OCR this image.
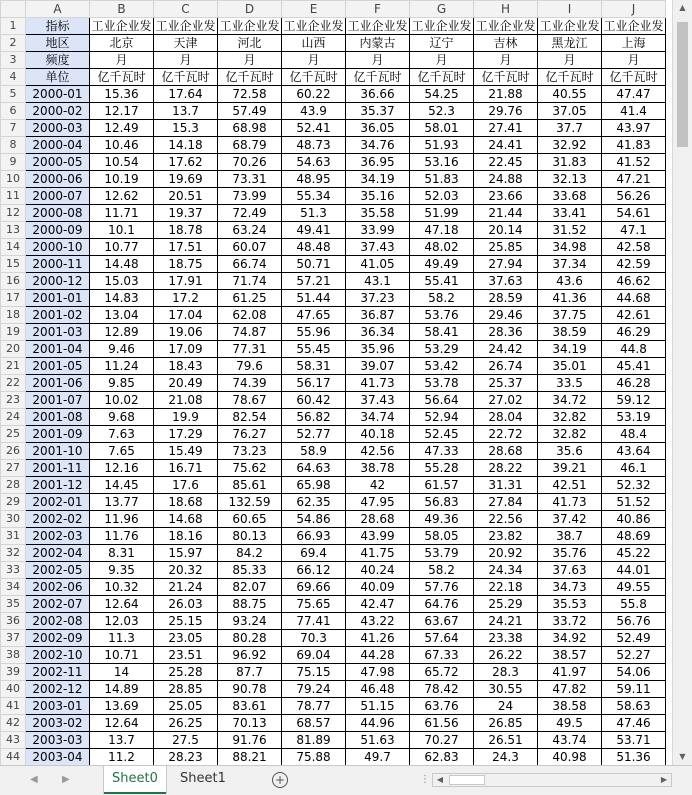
	A	B	C	D	E	F	G	H	I	J
1	指标	工业企业发	工业企业发	工业企业发	工业企业发	工业企业发	工业企业发	工业企业发	工业企业发	工业企业发
2	地区	北京	天津	河北	山西	内蒙古	辽宁	吉林	黑龙江	上海
3	频度	月	月	月	月	月	月	月	月	月
4	单位	亿千瓦时	亿千瓦时	亿千瓦时	亿千瓦时	亿千瓦时	亿千瓦时	亿千瓦时	亿千瓦时	亿千瓦时
5	2000-01	15.36	17.64	72.58	60.22	36.66	54.25	21.88	40.55	47.47
6	2000-02	12.17	13.7	57.49	43.9	35.37	52.3	29.76	37.05	41.4
7	2000-03	12.49	15.3	68.98	52.41	36.05	58.01	27.41	37.7	43.97
8	2000-04	10.46	14.18	68.79	48.73	34.76	51.93	24.41	32.92	41.83
9	2000-05	10.54	17.62	70.26	54.63	36.95	53.16	22.45	31.83	41.52
10	2000-06	10.19	19.69	73.31	48.95	34.19	51.83	24.88	32.13	47.21
11	2000-07	12.62	20.51	73.99	55.34	35.16	52.03	23.66	33.68	56.26
12	2000-08	11.71	19.37	72.49	51.3	35.58	51.99	21.44	33.41	54.61
13	2000-09	10.1	18.78	63.24	49.41	33.99	47.18	20.14	31.52	47.1
14	2000-10	10.77	17.51	60.07	48.48	37.43	48.02	25.85	34.98	42.58
15	2000-11	14.48	18.75	66.74	50.71	41.05	49.49	27.94	37.34	42.59
16	2000-12	15.03	17.91	71.74	57.21	43.1	55.41	37.63	43.6	46.62
17	2001-01	14.83	17.2	61.25	51.44	37.23	58.2	28.59	41.36	44.68
18	2001-02	13.04	17.04	62.08	47.65	36.87	53.76	29.46	37.75	42.61
19	2001-03	12.89	19.06	74.87	55.96	36.34	58.41	28.36	38.59	46.29
20	2001-04	9.46	17.09	77.31	55.45	35.96	53.29	24.42	34.19	44.8
21	2001-05	11.24	18.43	79.6	58.31	39.07	53.42	26.74	35.01	45.41
22	2001-06	9.85	20.49	74.39	56.17	41.73	53.78	25.37	33.5	46.28
23	2001-07	10.02	21.08	78.67	60.42	37.43	56.64	27.02	34.72	59.12
24	2001-08	9.68	19.9	82.54	56.82	34.74	52.94	28.04	32.82	53.19
25	2001-09	7.63	17.29	76.27	52.77	40.18	52.45	22.72	32.82	48.4
26	2001-10	7.65	15.49	73.23	58.9	42.56	47.33	28.68	35.6	43.64
27	2001-11	12.16	16.71	75.62	64.63	38.78	55.28	28.22	39.21	46.1
28	2001-12	14.45	17.6	85.61	65.98	42	61.57	31.31	42.51	52.32
29	2002-01	13.77	18.68	132.59	62.35	47.95	56.83	27.84	41.73	51.52
30	2002-02	11.96	14.68	60.65	54.86	28.68	49.36	22.56	37.42	40.86
31	2002-03	11.76	18.16	80.13	66.93	43.99	58.05	23.82	38.7	48.69
32	2002-04	8.31	15.97	84.2	69.4	41.75	53.79	20.92	35.76	45.22
33	2002-05	9.35	20.32	85.33	66.12	40.24	58.2	24.34	37.63	44.01
34	2002-06	10.32	21.24	82.07	69.66	40.09	57.76	22.18	34.73	49.55
35	2002-07	12.64	26.03	88.75	75.65	42.47	64.76	25.29	35.53	55.8
36	2002-08	12.03	25.15	93.24	77.41	43.22	63.67	24.21	33.72	56.76
37	2002-09	11.3	23.05	80.28	70.3	41.26	57.64	23.38	34.92	52.49
38	2002-10	10.71	23.51	96.92	69.04	44.28	67.33	26.22	38.57	52.27
39	2002-11	14	25.28	87.7	75.15	47.98	65.72	28.3	41.97	54.06
40	2002-12	14.89	28.85	90.78	79.24	46.48	78.42	30.55	47.82	59.11
41	2003-01	13.69	25.05	83.61	78.77	51.15	63.76	24	38.58	58.63
42	2003-02	12.64	26.25	70.13	68.57	44.96	61.56	26.85	49.5	47.46
43	2003-03	13.7	27.5	91.76	81.89	51.63	70.27	26.51	43.74	53.71
44	2003-04	11.2	28.23	88.21	75.88	49.7	62.83	24.3	40.98	51.36
▲
▼
◀ ▶	Sheet0	Sheet1	+	⋮ ◀	▶
